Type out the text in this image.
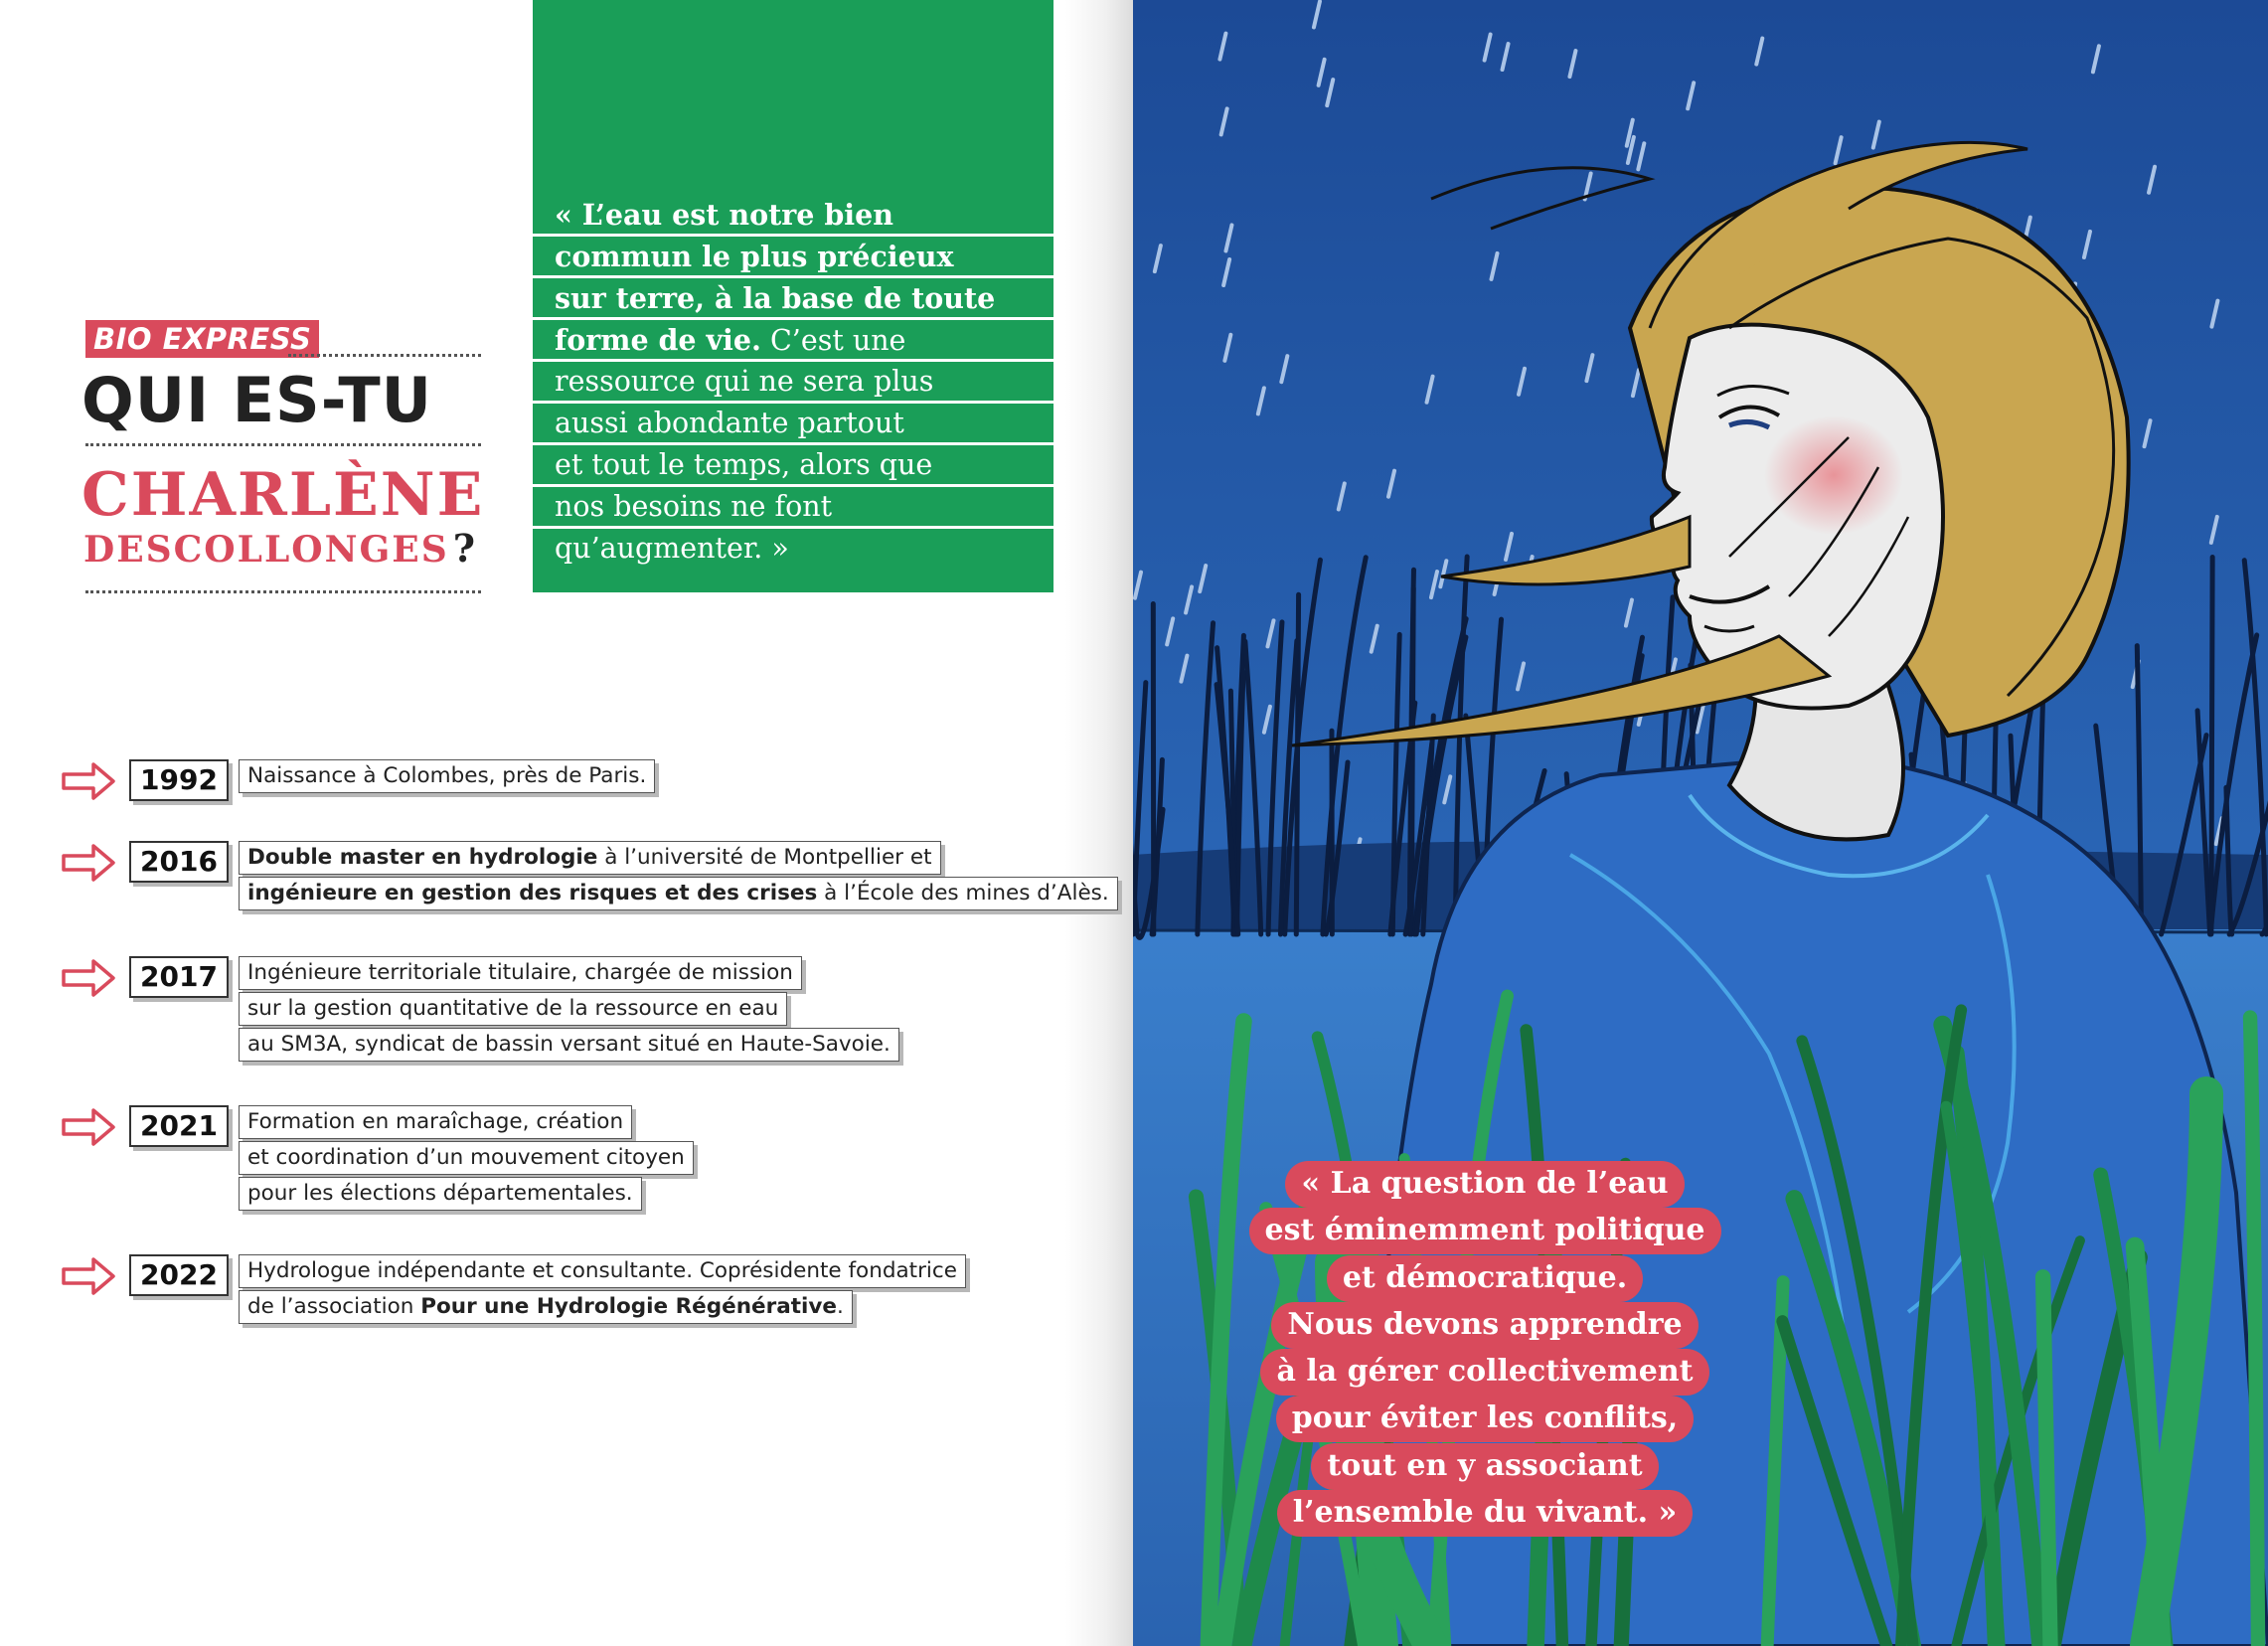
BIO EXPRESS
QUI ES-TU
CHARLÈNE
DESCOLLONGES ?
« L’eau est notre bien
commun le plus précieux
sur terre, à la base de toute
forme de vie. C’est une
ressource qui ne sera plus
aussi abondante partout
et tout le temps, alors que
nos besoins ne font
qu’augmenter. »
1992	Naissance à Colombes, près de Paris.
2016	Double master en hydrologie à l’université de Montpellier et
ingénieure en gestion des risques et des crises à l’École des mines d’Alès.
2017	Ingénieure territoriale titulaire, chargée de mission
sur la gestion quantitative de la ressource en eau
au SM3A, syndicat de bassin versant situé en Haute-Savoie.
2021	Formation en maraîchage, création
et coordination d’un mouvement citoyen
pour les élections départementales.
2022	Hydrologue indépendante et consultante. Coprésidente fondatrice
de l’association Pour une Hydrologie Régénérative.
« La question de l’eau
est éminemment politique
et démocratique.
Nous devons apprendre
à la gérer collectivement
pour éviter les conflits,
tout en y associant
l’ensemble du vivant. »
